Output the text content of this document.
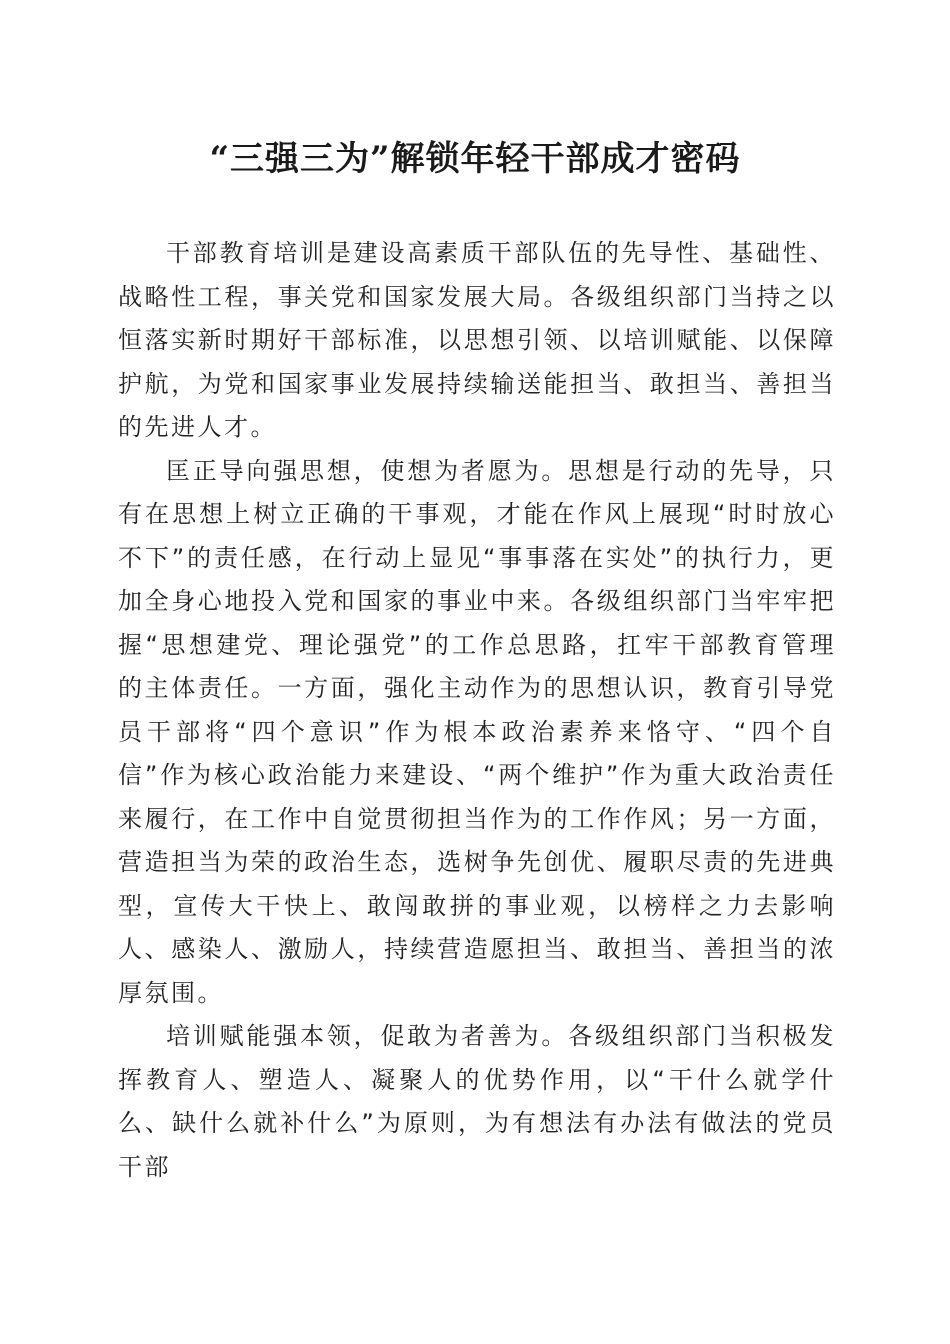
“三强三为”解锁年轻干部成才密码

干部教育培训是建设高素质干部队伍的先导性、基础性、战略性工程，事关党和国家发展大局。各级组织部门当持之以恒落实新时期好干部标准，以思想引领、以培训赋能、以保障护航，为党和国家事业发展持续输送能担当、敢担当、善担当的先进人才。

匡正导向强思想，使想为者愿为。思想是行动的先导，只有在思想上树立正确的干事观，才能在作风上展现“时时放心不下”的责任感，在行动上显见“事事落在实处”的执行力，更加全身心地投入党和国家的事业中来。各级组织部门当牢牢把握“思想建党、理论强党”的工作总思路，扛牢干部教育管理的主体责任。一方面，强化主动作为的思想认识，教育引导党员干部将“四个意识”作为根本政治素养来恪守、“四个自信”作为核心政治能力来建设、“两个维护”作为重大政治责任来履行，在工作中自觉贯彻担当作为的工作作风；另一方面，营造担当为荣的政治生态，选树争先创优、履职尽责的先进典型，宣传大干快上、敢闯敢拼的事业观，以榜样之力去影响人、感染人、激励人，持续营造愿担当、敢担当、善担当的浓厚氛围。

培训赋能强本领，促敢为者善为。各级组织部门当积极发挥教育人、塑造人、凝聚人的优势作用，以“干什么就学什么、缺什么就补什么”为原则，为有想法有办法有做法的党员干部
